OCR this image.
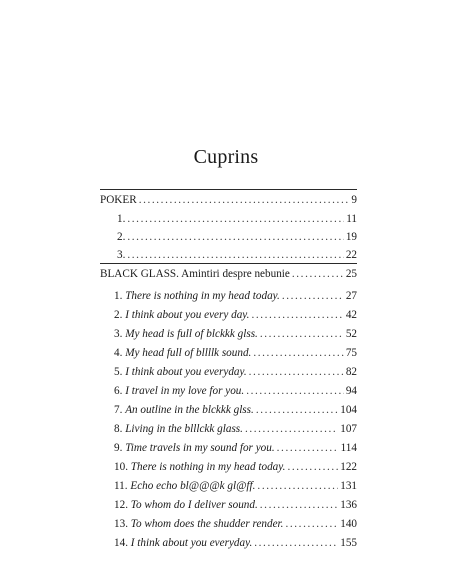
Cuprins
POKER .....	9
1. .....	11
2. .....	19
3. .....	22
BLACK GLASS. Amintiri despre nebunie .....	25
1. There is nothing in my head today. .....	27
2. I think about you every day. .....	42
3. My head is full of blckkk glss. .....	52
4. My head full of bllllk sound. .....	75
5. I think about you everyday. .....	82
6. I travel in my love for you. .....	94
7. An outline in the blckkk glss. .....	104
8. Living in the blllckk glass. .....	107
9. Time travels in my sound for you. .....	114
10. There is nothing in my head today. .....	122
11. Echo echo bl@@@k gl@ff. .....	131
12. To whom do I deliver sound. .....	136
13. To whom does the shudder render. .....	140
14. I think about you everyday. .....	155
